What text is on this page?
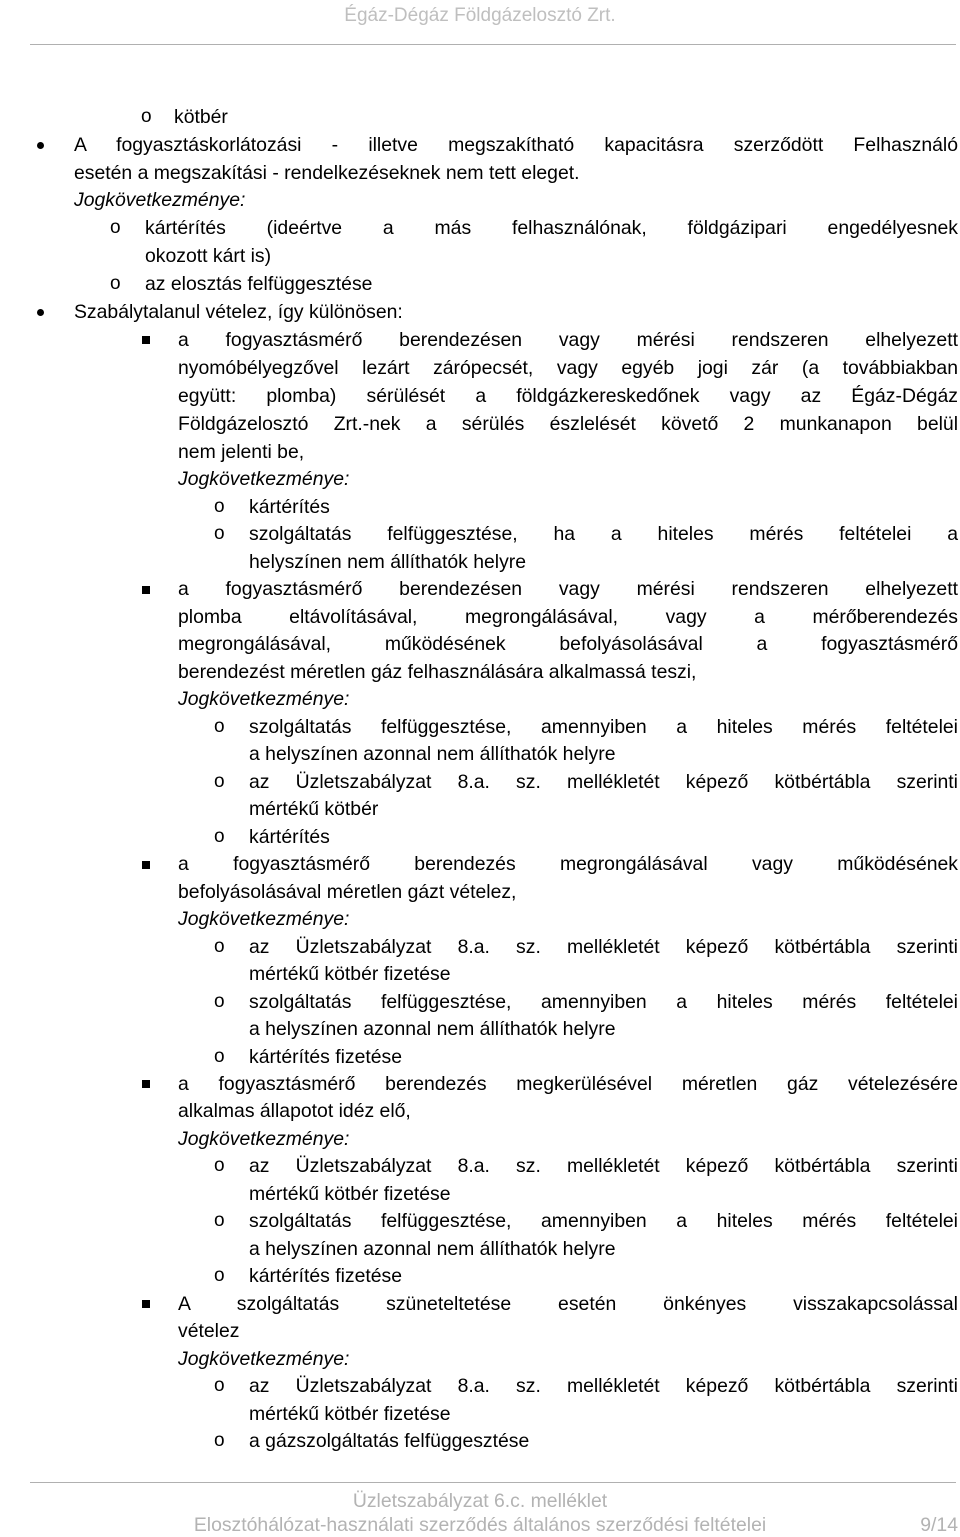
Égáz-Dégáz Földgázelosztó Zrt.
o kötbér
A fogyasztáskorlátozási - illetve megszakítható kapacitásra szerződött Felhasználó
esetén a megszakítási - rendelkezéseknek nem tett eleget.
Jogkövetkezménye:
o kártérítés (ideértve a más felhasználónak, földgázipari engedélyesnek
okozott kárt is)
o az elosztás felfüggesztése
Szabálytalanul vételez, így különösen:
a fogyasztásmérő berendezésen vagy mérési rendszeren elhelyezett
nyomóbélyegzővel lezárt zárópecsét, vagy egyéb jogi zár (a továbbiakban
együtt: plomba) sérülését a földgázkereskedőnek vagy az Égáz-Dégáz
Földgázelosztó Zrt.-nek a sérülés észlelését követő 2 munkanapon belül
nem jelenti be,
Jogkövetkezménye:
o kártérítés
o szolgáltatás felfüggesztése, ha a hiteles mérés feltételei a
helyszínen nem állíthatók helyre
a fogyasztásmérő berendezésen vagy mérési rendszeren elhelyezett
plomba eltávolításával, megrongálásával, vagy a mérőberendezés
megrongálásával, működésének befolyásolásával a fogyasztásmérő
berendezést méretlen gáz felhasználására alkalmassá teszi,
Jogkövetkezménye:
o szolgáltatás felfüggesztése, amennyiben a hiteles mérés feltételei
a helyszínen azonnal nem állíthatók helyre
o az Üzletszabályzat 8.a. sz. mellékletét képező kötbértábla szerinti
mértékű kötbér
o kártérítés
a fogyasztásmérő berendezés megrongálásával vagy működésének
befolyásolásával méretlen gázt vételez,
Jogkövetkezménye:
o az Üzletszabályzat 8.a. sz. mellékletét képező kötbértábla szerinti
mértékű kötbér fizetése
o szolgáltatás felfüggesztése, amennyiben a hiteles mérés feltételei
a helyszínen azonnal nem állíthatók helyre
o kártérítés fizetése
a fogyasztásmérő berendezés megkerülésével méretlen gáz vételezésére
alkalmas állapotot idéz elő,
Jogkövetkezménye:
o az Üzletszabályzat 8.a. sz. mellékletét képező kötbértábla szerinti
mértékű kötbér fizetése
o szolgáltatás felfüggesztése, amennyiben a hiteles mérés feltételei
a helyszínen azonnal nem állíthatók helyre
o kártérítés fizetése
A szolgáltatás szüneteltetése esetén önkényes visszakapcsolással
vételez
Jogkövetkezménye:
o az Üzletszabályzat 8.a. sz. mellékletét képező kötbértábla szerinti
mértékű kötbér fizetése
o a gázszolgáltatás felfüggesztése
Üzletszabályzat 6.c. melléklet
Elosztóhálózat-használati szerződés általános szerződési feltételei	9/14
